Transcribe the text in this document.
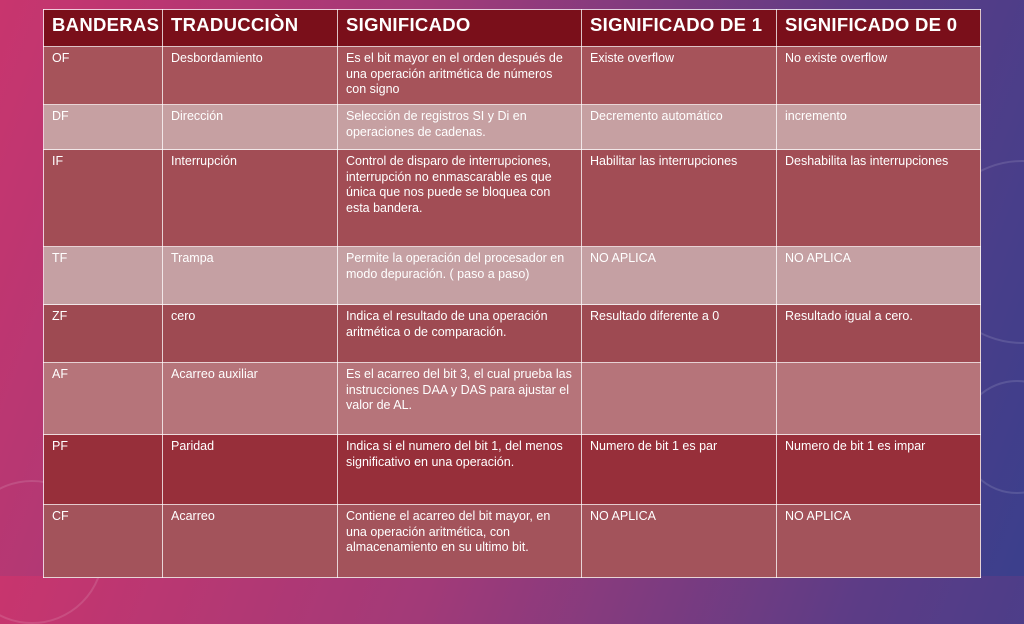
BANDERAS	TRADUCCIÒN	SIGNIFICADO	SIGNIFICADO DE 1	SIGNIFICADO DE 0
OF	Desbordamiento	Es el bit mayor en el orden después de una operación aritmética de números con signo	Existe overflow	No existe overflow
DF	Dirección	Selección de registros SI y Di en operaciones de cadenas.	Decremento automático	incremento
IF	Interrupción	Control de disparo de interrupciones, interrupción no enmascarable es que única que nos puede se bloquea con esta bandera.	Habilitar las interrupciones	Deshabilita las interrupciones
TF	Trampa	Permite la operación del procesador en modo depuración. ( paso a paso)	NO APLICA	NO APLICA
ZF	cero	Indica el resultado de una operación aritmética o de comparación.	Resultado diferente a 0	Resultado igual a cero.
AF	Acarreo auxiliar	Es el acarreo del bit 3, el cual prueba las instrucciones DAA y DAS para ajustar el valor de AL.		
PF	Paridad	Indica si el numero del bit 1, del menos significativo en una operación.	Numero de bit 1 es par	Numero de bit 1 es impar
CF	Acarreo	Contiene el acarreo del bit mayor, en una operación aritmética, con almacenamiento en su ultimo bit.	NO APLICA	NO APLICA
